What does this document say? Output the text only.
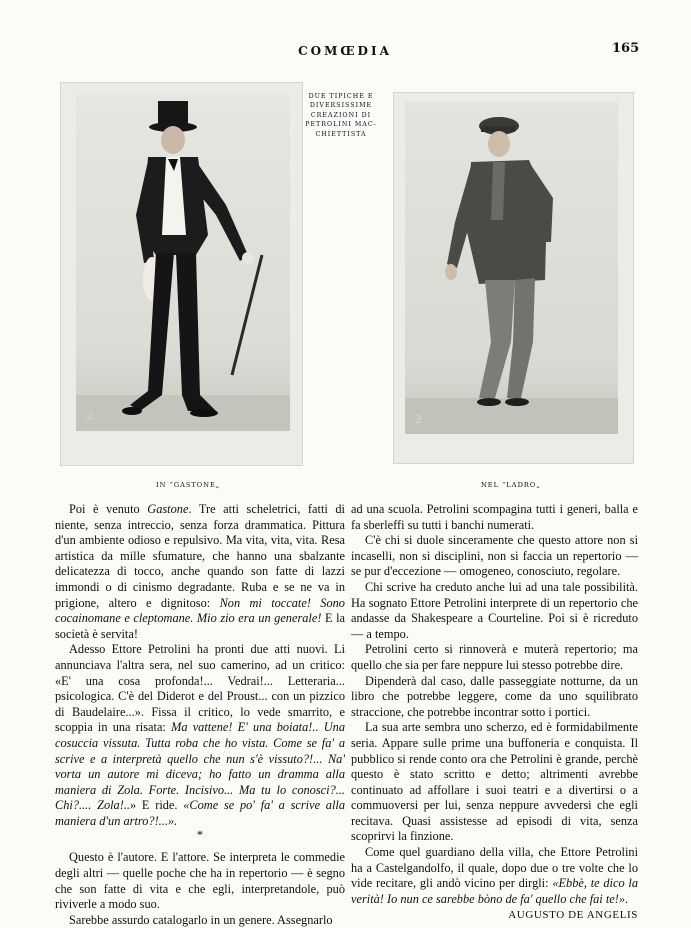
COMŒDIA	165
2
IN “GASTONE„
DUE TIPICHE E
DIVERSISSIME
CREAZIONI DI
PETROLINI MAC-
CHIETTISTA
2
NEL “LADRO„

Poi è venuto Gastone. Tre atti scheletrici, fatti di niente, senza intreccio, senza forza drammatica. Pittura d'un ambiente odioso e repulsivo. Ma vita, vita, vita. Resa artistica da mille sfumature, che hanno una sbalzante delicatezza di tocco, anche quando son fatte di lazzi immondi o di cinismo degradante. Ruba e se ne va in prigione, altero e dignitoso: Non mi toccate! Sono cocainomane e cleptomane. Mio zio era un generale! E la società è servita!

Adesso Ettore Petrolini ha pronti due atti nuovi. Li annunciava l'altra sera, nel suo camerino, ad un critico: «E' una cosa profonda!... Vedrai!... Letteraria... psicologica. C'è del Diderot e del Proust... con un pizzico di Baudelaire...». Fissa il critico, lo vede smarrito, e scoppia in una risata: Ma vattene! E' una boiata!.. Una cosuccia vissuta. Tutta roba che ho vista. Come se fa' a scrive e a interpretà quello che nun s'è vissuto?!... Na' vorta un autore mi diceva; ho fatto un dramma alla maniera di Zola. Forte. Incisivo... Ma tu lo conosci?... Chi?.... Zola!..» E ride. «Come se po' fa' a scrive alla maniera d'un artro?!...».

*

Questo è l'autore. E l'attore. Se interpreta le commedie degli altri — quelle poche che ha in repertorio — è segno che son fatte di vita e che egli, interpretandole, può riviverle a modo suo.

Sarebbe assurdo catalogarlo in un genere. Assegnarlo

ad una scuola. Petrolini scompagina tutti i generi, balla e fa sberleffi su tutti i banchi numerati.

C'è chi si duole sinceramente che questo attore non si incaselli, non si disciplini, non si faccia un repertorio — se pur d'eccezione — omogeneo, conosciuto, regolare.

Chi scrive ha creduto anche lui ad una tale possibilità. Ha sognato Ettore Petrolini interprete di un repertorio che andasse da Shakespeare a Courteline. Poi si è ricreduto — a tempo.

Petrolini certo si rinnoverà e muterà repertorio; ma quello che sia per fare neppure lui stesso potrebbe dire.

Dipenderà dal caso, dalle passeggiate notturne, da un libro che potrebbe leggere, come da uno squilibrato straccione, che potrebbe incontrar sotto i portici.

La sua arte sembra uno scherzo, ed è formidabilmente seria. Appare sulle prime una buffoneria e conquista. Il pubblico si rende conto ora che Petrolini è grande, perchè questo è stato scritto e detto; altrimenti avrebbe continuato ad affollare i suoi teatri e a divertirsi o a commuoversi per lui, senza neppure avvedersi che egli recitava. Quasi assistesse ad episodi di vita, senza scoprirvi la finzione.

Come quel guardiano della villa, che Ettore Petrolini ha a Castelgandolfo, il quale, dopo due o tre volte che lo vide recitare, gli andò vicino per dirgli: «Ebbè, te dico la verità! Io nun ce sarebbe bòno de fa' quello che fai te!».

AUGUSTO DE ANGELIS
